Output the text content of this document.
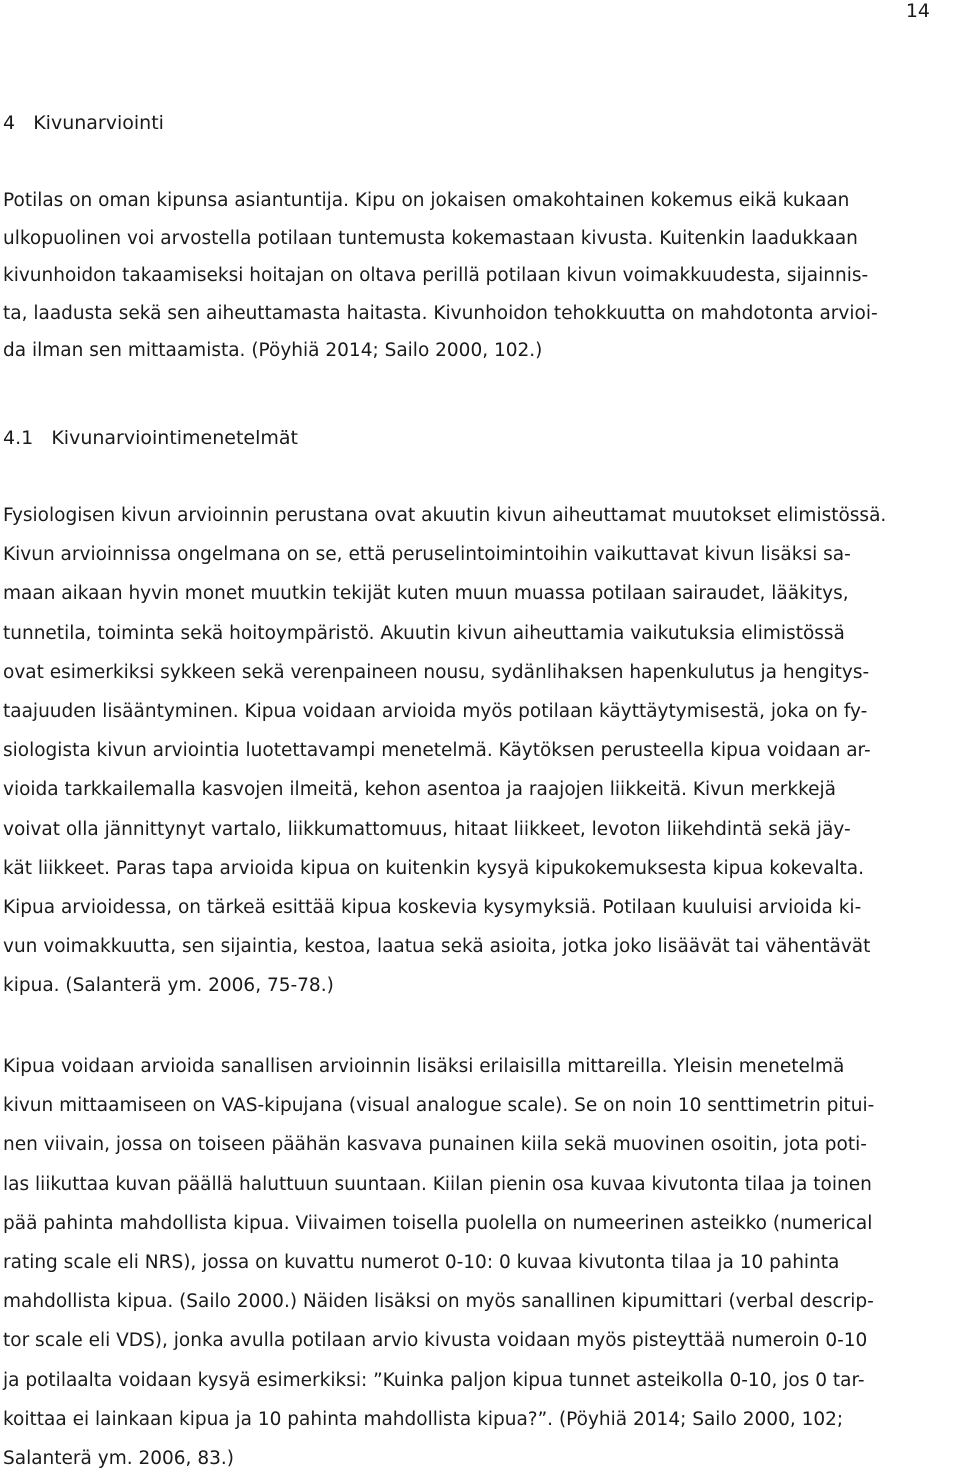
14
4   Kivunarviointi
Potilas on oman kipunsa asiantuntija. Kipu on jokaisen omakohtainen kokemus eikä kukaan
ulkopuolinen voi arvostella potilaan tuntemusta kokemastaan kivusta. Kuitenkin laadukkaan
kivunhoidon takaamiseksi hoitajan on oltava perillä potilaan kivun voimakkuudesta, sijainnis-
ta, laadusta sekä sen aiheuttamasta haitasta. Kivunhoidon tehokkuutta on mahdotonta arvioi-
da ilman sen mittaamista. (Pöyhiä 2014; Sailo 2000, 102.)
4.1   Kivunarviointimenetelmät
Fysiologisen kivun arvioinnin perustana ovat akuutin kivun aiheuttamat muutokset elimistössä.
Kivun arvioinnissa ongelmana on se, että peruselintoimintoihin vaikuttavat kivun lisäksi sa-
maan aikaan hyvin monet muutkin tekijät kuten muun muassa potilaan sairaudet, lääkitys,
tunnetila, toiminta sekä hoitoympäristö. Akuutin kivun aiheuttamia vaikutuksia elimistössä
ovat esimerkiksi sykkeen sekä verenpaineen nousu, sydänlihaksen hapenkulutus ja hengitys-
taajuuden lisääntyminen. Kipua voidaan arvioida myös potilaan käyttäytymisestä, joka on fy-
siologista kivun arviointia luotettavampi menetelmä. Käytöksen perusteella kipua voidaan ar-
vioida tarkkailemalla kasvojen ilmeitä, kehon asentoa ja raajojen liikkeitä. Kivun merkkejä
voivat olla jännittynyt vartalo, liikkumattomuus, hitaat liikkeet, levoton liikehdintä sekä jäy-
kät liikkeet. Paras tapa arvioida kipua on kuitenkin kysyä kipukokemuksesta kipua kokevalta.
Kipua arvioidessa, on tärkeä esittää kipua koskevia kysymyksiä. Potilaan kuuluisi arvioida ki-
vun voimakkuutta, sen sijaintia, kestoa, laatua sekä asioita, jotka joko lisäävät tai vähentävät
kipua. (Salanterä ym. 2006, 75-78.)
Kipua voidaan arvioida sanallisen arvioinnin lisäksi erilaisilla mittareilla. Yleisin menetelmä
kivun mittaamiseen on VAS-kipujana (visual analogue scale). Se on noin 10 senttimetrin pitui-
nen viivain, jossa on toiseen päähän kasvava punainen kiila sekä muovinen osoitin, jota poti-
las liikuttaa kuvan päällä haluttuun suuntaan. Kiilan pienin osa kuvaa kivutonta tilaa ja toinen
pää pahinta mahdollista kipua. Viivaimen toisella puolella on numeerinen asteikko (numerical
rating scale eli NRS), jossa on kuvattu numerot 0-10: 0 kuvaa kivutonta tilaa ja 10 pahinta
mahdollista kipua. (Sailo 2000.) Näiden lisäksi on myös sanallinen kipumittari (verbal descrip-
tor scale eli VDS), jonka avulla potilaan arvio kivusta voidaan myös pisteyttää numeroin 0-10
ja potilaalta voidaan kysyä esimerkiksi: ”Kuinka paljon kipua tunnet asteikolla 0-10, jos 0 tar-
koittaa ei lainkaan kipua ja 10 pahinta mahdollista kipua?”. (Pöyhiä 2014; Sailo 2000, 102;
Salanterä ym. 2006, 83.)
